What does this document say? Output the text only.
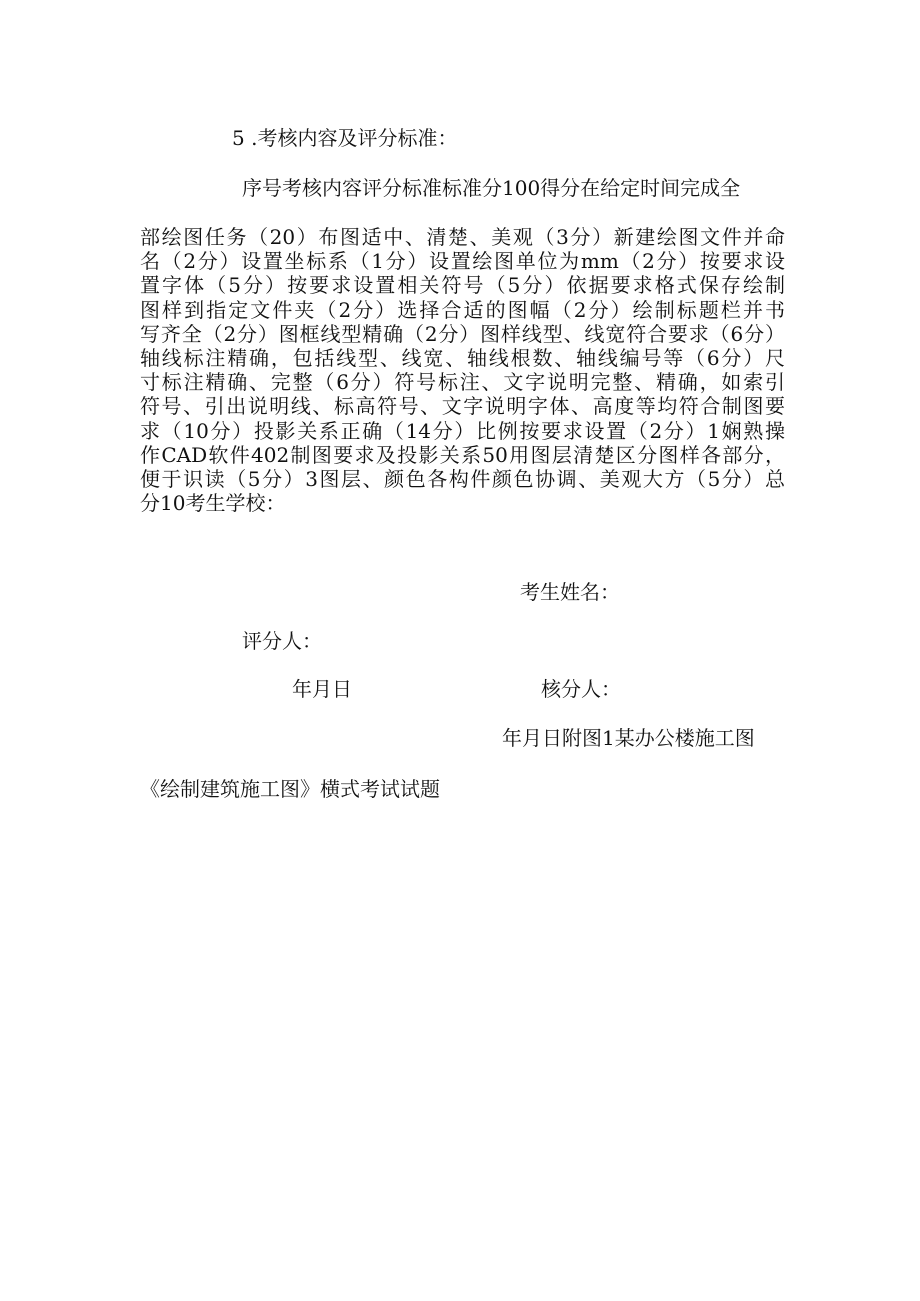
5 .考核内容及评分标准：
序号考核内容评分标准标准分100得分在给定时间完成全
部绘图任务（20）布图适中、清楚、美观（3分）新建绘图文件并命
名（2分）设置坐标系（1分）设置绘图单位为mm（2分）按要求设
置字体（5分）按要求设置相关符号（5分）依据要求格式保存绘制
图样到指定文件夹（2分）选择合适的图幅（2分）绘制标题栏并书
写齐全（2分）图框线型精确（2分）图样线型、线宽符合要求（6分）
轴线标注精确，包括线型、线宽、轴线根数、轴线编号等（6分）尺
寸标注精确、完整（6分）符号标注、文字说明完整、精确，如索引
符号、引出说明线、标高符号、文字说明字体、高度等均符合制图要
求（10分）投影关系正确（14分）比例按要求设置（2分）1娴熟操
作CAD软件402制图要求及投影关系50用图层清楚区分图样各部分，
便于识读（5分）3图层、颜色各构件颜色协调、美观大方（5分）总
分10考生学校：
考生姓名：
评分人：
年月日	核分人：
年月日附图1某办公楼施工图
《绘制建筑施工图》横式考试试题
